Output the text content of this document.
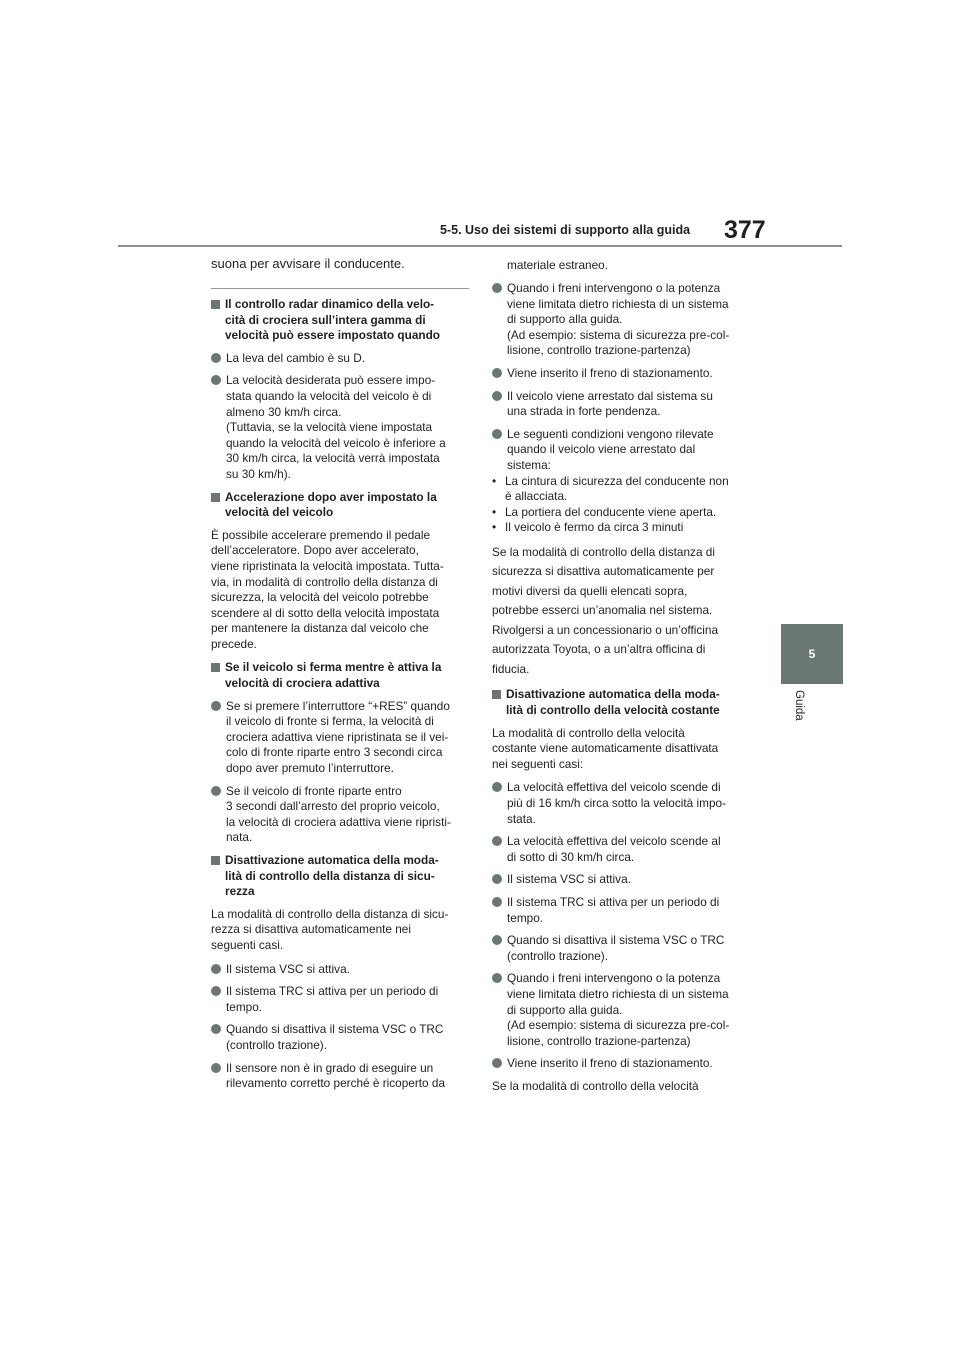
377
5-5. Uso dei sistemi di supporto alla guida
5
Guida
suona per avvisare il conducente.
Il controllo radar dinamico della velo-
cità di crociera sull’intera gamma di
velocità può essere impostato quando
La leva del cambio è su D.
La velocità desiderata può essere impo-
stata quando la velocità del veicolo è di
almeno 30 km/h circa.
(Tuttavia, se la velocità viene impostata
quando la velocità del veicolo è inferiore a
30 km/h circa, la velocità verrà impostata
su 30 km/h).
Accelerazione dopo aver impostato la
velocità del veicolo
È possibile accelerare premendo il pedale
dell’acceleratore. Dopo aver accelerato,
viene ripristinata la velocità impostata. Tutta-
via, in modalità di controllo della distanza di
sicurezza, la velocità del veicolo potrebbe
scendere al di sotto della velocità impostata
per mantenere la distanza dal veicolo che
precede.
Se il veicolo si ferma mentre è attiva la
velocità di crociera adattiva
Se si premere l’interruttore “+RES” quando
il veicolo di fronte si ferma, la velocità di
crociera adattiva viene ripristinata se il vei-
colo di fronte riparte entro 3 secondi circa
dopo aver premuto l’interruttore.
Se il veicolo di fronte riparte entro
3 secondi dall’arresto del proprio veicolo,
la velocità di crociera adattiva viene ripristi-
nata.
Disattivazione automatica della moda-
lità di controllo della distanza di sicu-
rezza
La modalità di controllo della distanza di sicu-
rezza si disattiva automaticamente nei
seguenti casi.
Il sistema VSC si attiva.
Il sistema TRC si attiva per un periodo di
tempo.
Quando si disattiva il sistema VSC o TRC
(controllo trazione).
Il sensore non è in grado di eseguire un
rilevamento corretto perché è ricoperto da
materiale estraneo.
Quando i freni intervengono o la potenza
viene limitata dietro richiesta di un sistema
di supporto alla guida.
(Ad esempio: sistema di sicurezza pre-col-
lisione, controllo trazione-partenza)
Viene inserito il freno di stazionamento.
Il veicolo viene arrestato dal sistema su
una strada in forte pendenza.
Le seguenti condizioni vengono rilevate
quando il veicolo viene arrestato dal
sistema:
• La cintura di sicurezza del conducente non
è allacciata.
• La portiera del conducente viene aperta.
• Il veicolo è fermo da circa 3 minuti
Se la modalità di controllo della distanza di
sicurezza si disattiva automaticamente per
motivi diversi da quelli elencati sopra,
potrebbe esserci un’anomalia nel sistema.
Rivolgersi a un concessionario o un’officina
autorizzata Toyota, o a un’altra officina di
fiducia.
Disattivazione automatica della moda-
lità di controllo della velocità costante
La modalità di controllo della velocità
costante viene automaticamente disattivata
nei seguenti casi:
La velocità effettiva del veicolo scende di
più di 16 km/h circa sotto la velocità impo-
stata.
La velocità effettiva del veicolo scende al
di sotto di 30 km/h circa.
Il sistema VSC si attiva.
Il sistema TRC si attiva per un periodo di
tempo.
Quando si disattiva il sistema VSC o TRC
(controllo trazione).
Quando i freni intervengono o la potenza
viene limitata dietro richiesta di un sistema
di supporto alla guida.
(Ad esempio: sistema di sicurezza pre-col-
lisione, controllo trazione-partenza)
Viene inserito il freno di stazionamento.
Se la modalità di controllo della velocità
